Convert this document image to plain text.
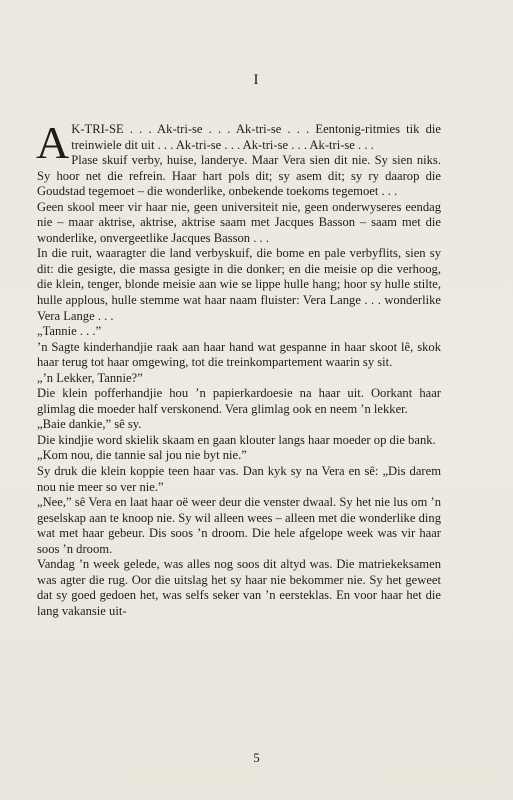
I

A K-TRI-SE . . . Ak-tri-se . . . Ak-tri-se . . . Eentonig-ritmies tik die treinwiele dit uit . . . Ak-tri-se . . . Ak-tri-se . . . Ak-tri-se . . .

Plase skuif verby, huise, landerye. Maar Vera sien dit nie. Sy sien niks. Sy hoor net die refrein. Haar hart pols dit; sy asem dit; sy ry daarop die Goudstad tegemoet – die wonderlike, onbekende toekoms tegemoet . . .

Geen skool meer vir haar nie, geen universiteit nie, geen onderwyseres eendag nie – maar aktrise, aktrise, aktrise saam met Jacques Basson – saam met die wonderlike, onvergeetlike Jacques Basson . . .

In die ruit, waaragter die land verbyskuif, die bome en pale verbyflits, sien sy dit: die gesigte, die massa gesigte in die donker; en die meisie op die verhoog, die klein, tenger, blonde meisie aan wie se lippe hulle hang; hoor sy hulle stilte, hulle applous, hulle stemme wat haar naam fluister: Vera Lange . . . wonderlike Vera Lange . . .

„Tannie . . .”

’n Sagte kinderhandjie raak aan haar hand wat gespanne in haar skoot lê, skok haar terug tot haar omgewing, tot die treinkompartement waarin sy sit.

„’n Lekker, Tannie?”

Die klein pofferhandjie hou ’n papierkardoesie na haar uit. Oorkant haar glimlag die moeder half verskonend. Vera glimlag ook en neem ’n lekker.

„Baie dankie,” sê sy.

Die kindjie word skielik skaam en gaan klouter langs haar moeder op die bank.

„Kom nou, die tannie sal jou nie byt nie.”

Sy druk die klein koppie teen haar vas. Dan kyk sy na Vera en sê: „Dis darem nou nie meer so ver nie.”

„Nee,” sê Vera en laat haar oë weer deur die venster dwaal. Sy het nie lus om ’n geselskap aan te knoop nie. Sy wil alleen wees – alleen met die wonderlike ding wat met haar gebeur. Dis soos ’n droom. Die hele afgelope week was vir haar soos ’n droom.

Vandag ’n week gelede, was alles nog soos dit altyd was. Die matriekeksamen was agter die rug. Oor die uitslag het sy haar nie bekommer nie. Sy het geweet dat sy goed gedoen het, was selfs seker van ’n eersteklas. En voor haar het die lang vakansie uit-

5
